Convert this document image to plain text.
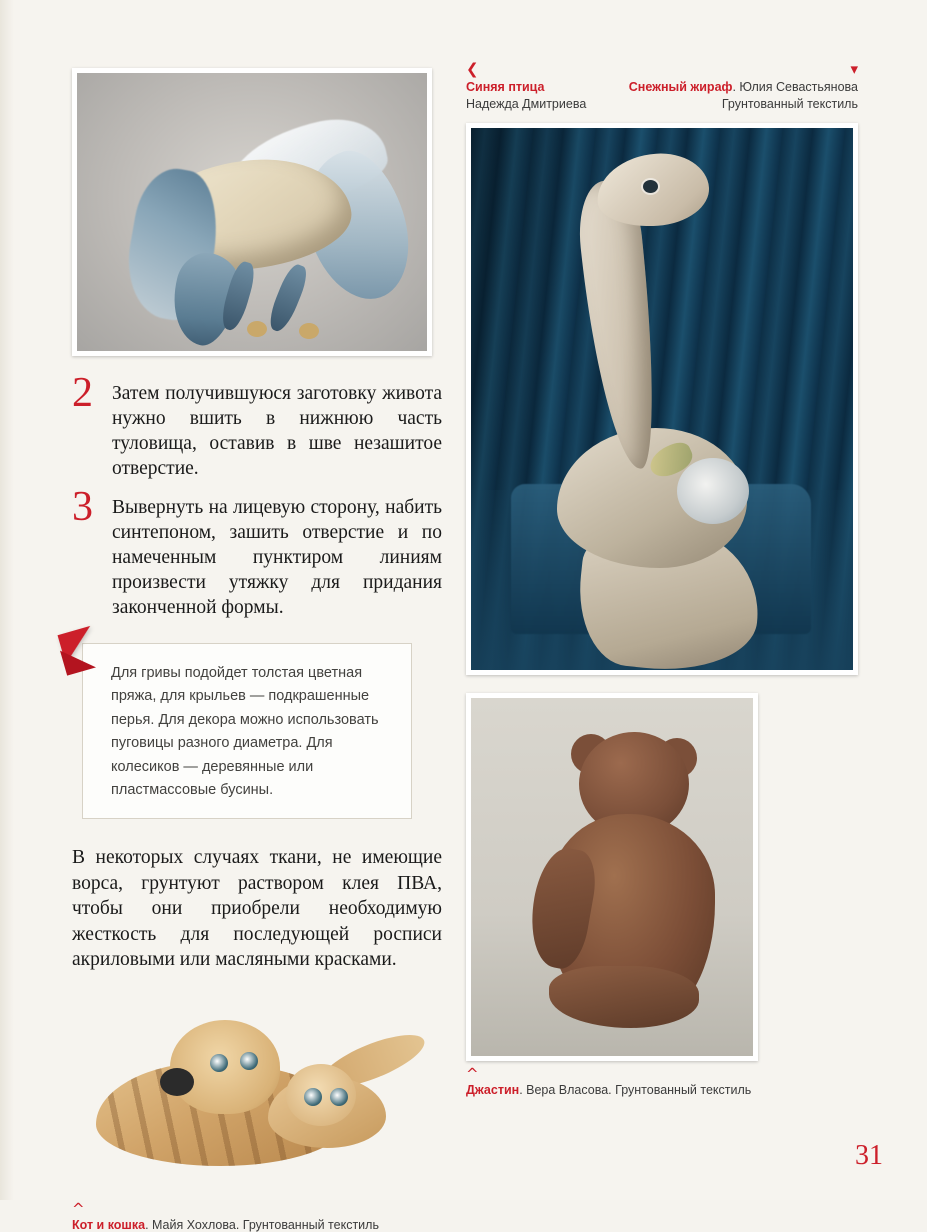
2 Затем получившуюся заготовку живота нужно вшить в нижнюю часть туловища, оставив в шве незашитое отверстие.

3 Вывернуть на лицевую сторону, набить синтепоном, зашить отверстие и по намеченным пунктиром линиям произвести утяжку для придания законченной формы.

Для гривы подойдет толстая цветная пряжа, для крыльев — подкрашенные перья. Для декора можно использовать пуговицы разного диаметра. Для колесиков — деревянные или пластмассовые бусины.

В некоторых случаях ткани, не имеющие ворса, грунтуют раствором клея ПВА, чтобы они приобрели необходимую жесткость для последующей росписи акриловыми или масляными красками.

^
Кот и кошка. Майя Хохлова. Грунтованный текстиль
❮	▾
Синяя птица
Надежда Дмитриева
Снежный жираф. Юлия Севастьянова
Грунтованный текстиль
^
Джастин. Вера Власова. Грунтованный текстиль
31
